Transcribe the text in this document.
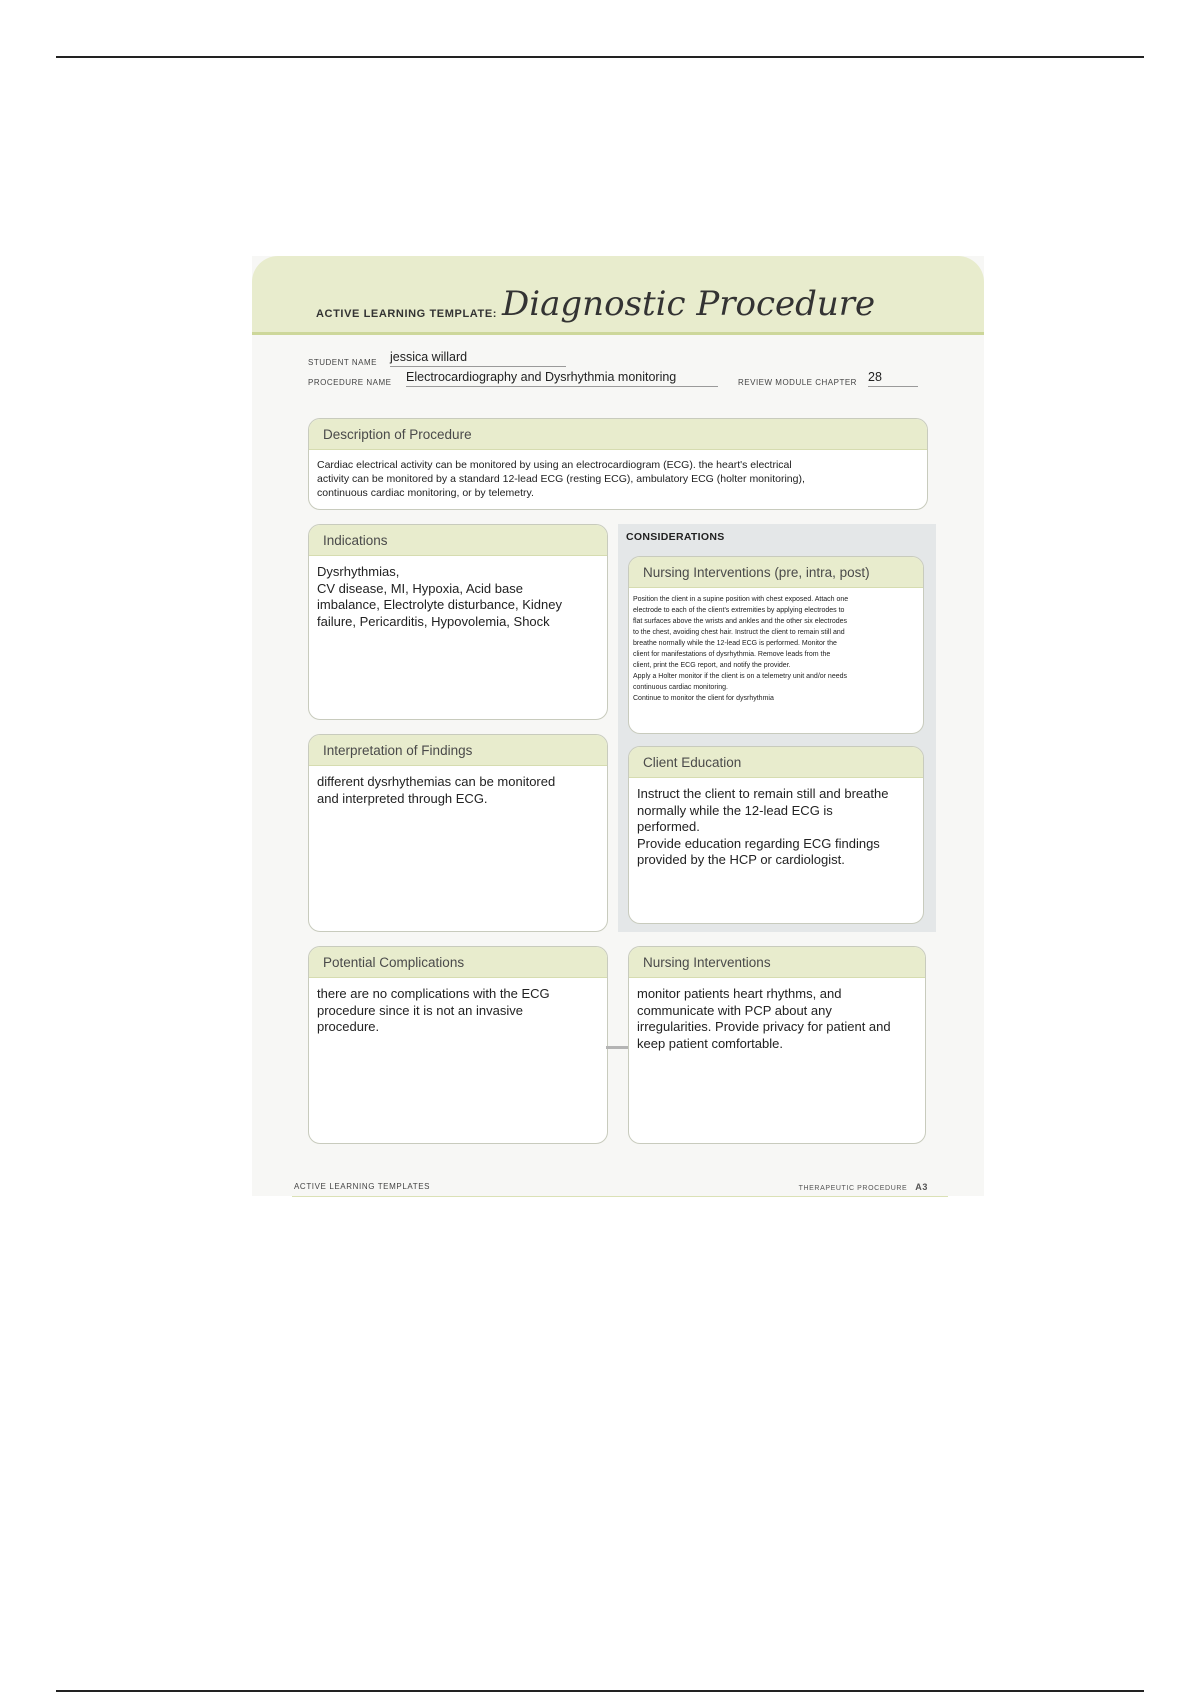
ACTIVE LEARNING TEMPLATE: Diagnostic Procedure
STUDENT NAME jessica willard
PROCEDURE NAME Electrocardiography and Dysrhythmia monitoring	REVIEW MODULE CHAPTER 28
Description of Procedure
Cardiac electrical activity can be monitored by using an electrocardiogram (ECG). the heart's electrical
activity can be monitored by a standard 12-lead ECG (resting ECG), ambulatory ECG (holter monitoring),
continuous cardiac monitoring, or by telemetry.
Indications
Dysrhythmias,
CV disease, MI, Hypoxia, Acid base
imbalance, Electrolyte disturbance, Kidney
failure, Pericarditis, Hypovolemia, Shock
CONSIDERATIONS
Nursing Interventions (pre, intra, post)
Position the client in a supine position with chest exposed. Attach one
electrode to each of the client's extremities by applying electrodes to
flat surfaces above the wrists and ankles and the other six electrodes
to the chest, avoiding chest hair. Instruct the client to remain still and
breathe normally while the 12-lead ECG is performed. Monitor the
client for manifestations of dysrhythmia. Remove leads from the
client, print the ECG report, and notify the provider.
Apply a Holter monitor if the client is on a telemetry unit and/or needs
continuous cardiac monitoring.
Continue to monitor the client for dysrhythmia
Client Education
Instruct the client to remain still and breathe
normally while the 12-lead ECG is
performed.
Provide education regarding ECG findings
provided by the HCP or cardiologist.
Interpretation of Findings
different dysrhythemias can be monitored
and interpreted through ECG.
Potential Complications
there are no complications with the ECG
procedure since it is not an invasive
procedure.
Nursing Interventions
monitor patients heart rhythms, and
communicate with PCP about any
irregularities. Provide privacy for patient and
keep patient comfortable.
ACTIVE LEARNING TEMPLATES	THERAPEUTIC PROCEDURE A3
